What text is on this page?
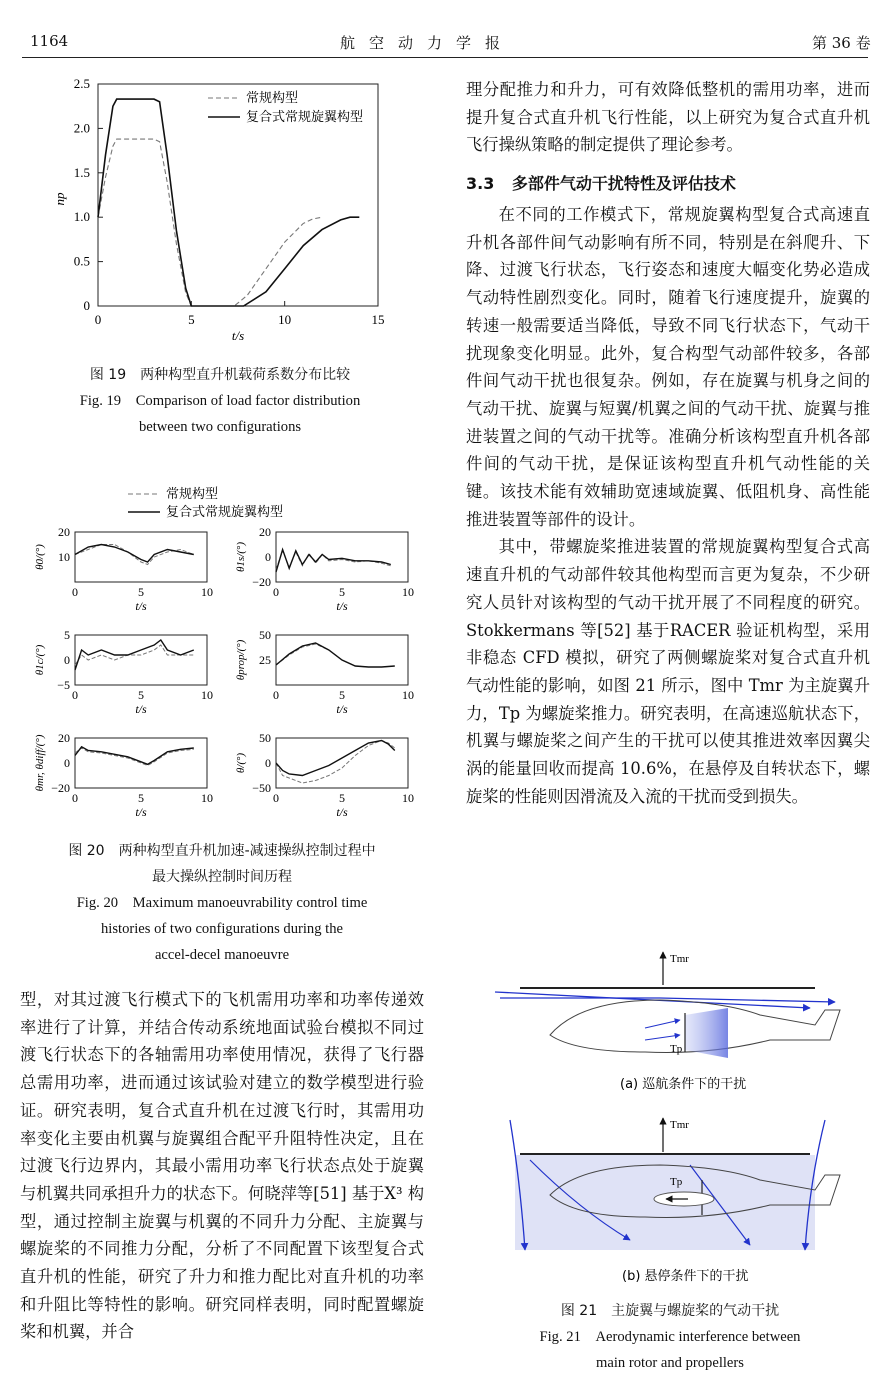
1164	航空动力学报	第 36 卷
0
0.5
1.0
1.5
2.0
2.5
0	5	10	15
t/s
np
常规构型
复合式常规旋翼构型
图 19　两种构型直升机载荷系数分布比较
Fig. 19　Comparison of load factor distribution
between two configurations
常规构型
复合式常规旋翼构型
20
10
0	5	10
t/s
θ0/(°)
20
0
−20
0	5	10
t/s
θ1s/(°)
5
0
−5
0	5	10
t/s
θ1c/(°)
50
25
0	5	10
t/s
θprop/(°)
20
0
−20
0	5	10
t/s
θmr, θdiff/(°)	50
0
−50
0	5	10
t/s
θ/(°)
图 20　两种构型直升机加速-减速操纵控制过程中
最大操纵控制时间历程
Fig. 20　Maximum manoeuvrability control time
histories of two configurations during the
accel-decel manoeuvre

型，对其过渡飞行模式下的飞机需用功率和功率传递效率进行了计算，并结合传动系统地面试验台模拟不同过渡飞行状态下的各轴需用功率使用情况，获得了飞行器总需用功率，进而通过该试验对建立的数学模型进行验证。研究表明，复合式直升机在过渡飞行时，其需用功率变化主要由机翼与旋翼组合配平升阻特性决定，且在过渡飞行边界内，其最小需用功率飞行状态点处于旋翼与机翼共同承担升力的状态下。何晓萍等[51] 基于X³ 构型，通过控制主旋翼与机翼的不同升力分配、主旋翼与螺旋桨的不同推力分配，分析了不同配置下该型复合式直升机的性能，研究了升力和推力配比对直升机的功率和升阻比等特性的影响。研究同样表明，同时配置螺旋桨和机翼，并合

理分配推力和升力，可有效降低整机的需用功率，进而提升复合式直升机飞行性能，以上研究为复合式直升机飞行操纵策略的制定提供了理论参考。

3.3 多部件气动干扰特性及评估技术

在不同的工作模式下，常规旋翼构型复合式高速直升机各部件间气动影响有所不同，特别是在斜爬升、下降、过渡飞行状态，飞行姿态和速度大幅变化势必造成气动特性剧烈变化。同时，随着飞行速度提升，旋翼的转速一般需要适当降低，导致不同飞行状态下，气动干扰现象变化明显。此外，复合构型气动部件较多，各部件间气动干扰也很复杂。例如，存在旋翼与机身之间的气动干扰、旋翼与短翼/机翼之间的气动干扰、旋翼与推进装置之间的气动干扰等。准确分析该构型直升机各部件间的气动干扰，是保证该构型直升机气动性能的关键。该技术能有效辅助宽速域旋翼、低阻机身、高性能推进装置等部件的设计。

其中，带螺旋桨推进装置的常规旋翼构型复合式高速直升机的气动部件较其他构型而言更为复杂，不少研究人员针对该构型的气动干扰开展了不同程度的研究。Stokkermans 等[52] 基于RACER 验证机构型，采用非稳态 CFD 模拟，研究了两侧螺旋桨对复合式直升机气动性能的影响，如图 21 所示，图中 Tmr 为主旋翼升力，Tp 为螺旋桨推力。研究表明，在高速巡航状态下，机翼与螺旋桨之间产生的干扰可以使其推进效率因翼尖涡的能量回收而提高 10.6%，在悬停及自转状态下，螺旋桨的性能则因滑流及入流的干扰而受到损失。

Tmr
Tp
(a) 巡航条件下的干扰
Tmr
Tp
(b) 悬停条件下的干扰
图 21　主旋翼与螺旋桨的气动干扰
Fig. 21　Aerodynamic interference between
main rotor and propellers
